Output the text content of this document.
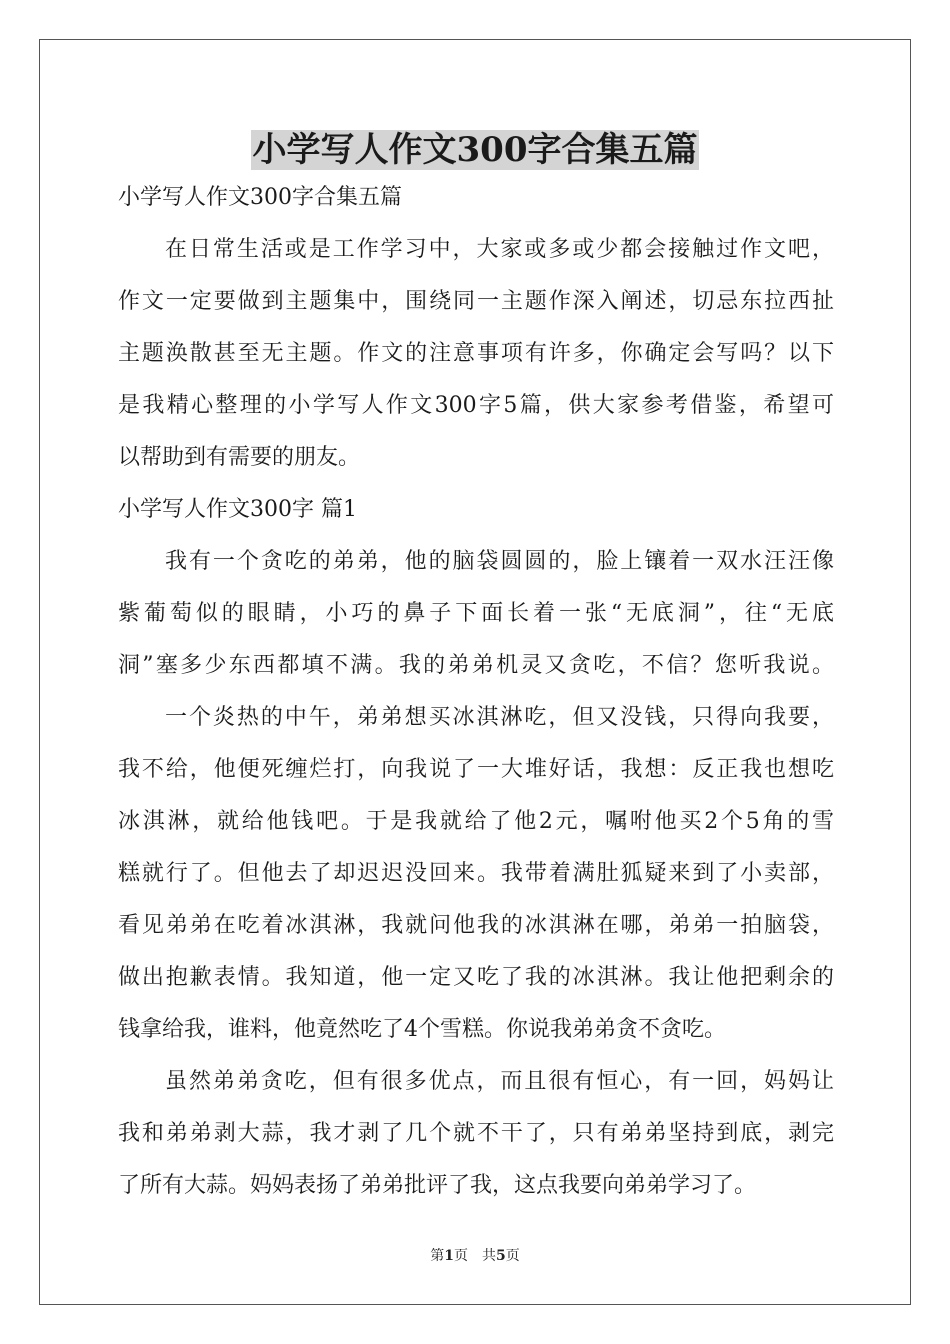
小学写人作文300字合集五篇
小学写人作文300字合集五篇
在日常生活或是工作学习中，大家或多或少都会接触过作文吧，
作文一定要做到主题集中，围绕同一主题作深入阐述，切忌东拉西扯
主题涣散甚至无主题。作文的注意事项有许多，你确定会写吗？以下
是我精心整理的小学写人作文300字5篇，供大家参考借鉴，希望可
以帮助到有需要的朋友。
小学写人作文300字 篇1
我有一个贪吃的弟弟，他的脑袋圆圆的，脸上镶着一双水汪汪像
紫葡萄似的眼睛，小巧的鼻子下面长着一张“无底洞”，往“无底
洞”塞多少东西都填不满。我的弟弟机灵又贪吃，不信？您听我说。
一个炎热的中午，弟弟想买冰淇淋吃，但又没钱，只得向我要，
我不给，他便死缠烂打，向我说了一大堆好话，我想：反正我也想吃
冰淇淋，就给他钱吧。于是我就给了他2元，嘱咐他买2个5角的雪
糕就行了。但他去了却迟迟没回来。我带着满肚狐疑来到了小卖部，
看见弟弟在吃着冰淇淋，我就问他我的冰淇淋在哪，弟弟一拍脑袋，
做出抱歉表情。我知道，他一定又吃了我的冰淇淋。我让他把剩余的
钱拿给我，谁料，他竟然吃了4个雪糕。你说我弟弟贪不贪吃。
虽然弟弟贪吃，但有很多优点，而且很有恒心，有一回，妈妈让
我和弟弟剥大蒜，我才剥了几个就不干了，只有弟弟坚持到底，剥完
了所有大蒜。妈妈表扬了弟弟批评了我，这点我要向弟弟学习了。
第1页　共5页
